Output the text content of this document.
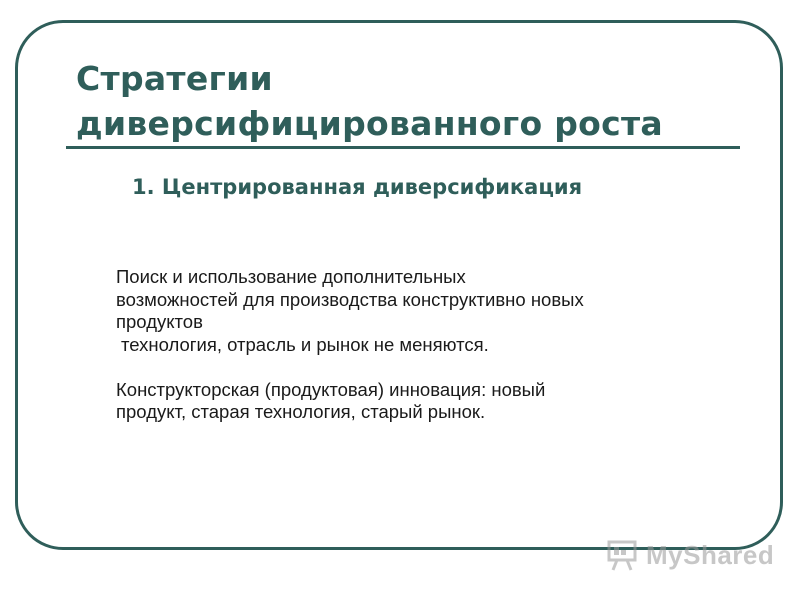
Стратегии
диверсифицированного роста
1. Центрированная диверсификация

Поиск и использование дополнительных

возможностей для производства конструктивно новых

продуктов

технология, отрасль и рынок не меняются.

Конструкторская (продуктовая) инновация: новый

продукт, старая технология, старый рынок.

MyShared
